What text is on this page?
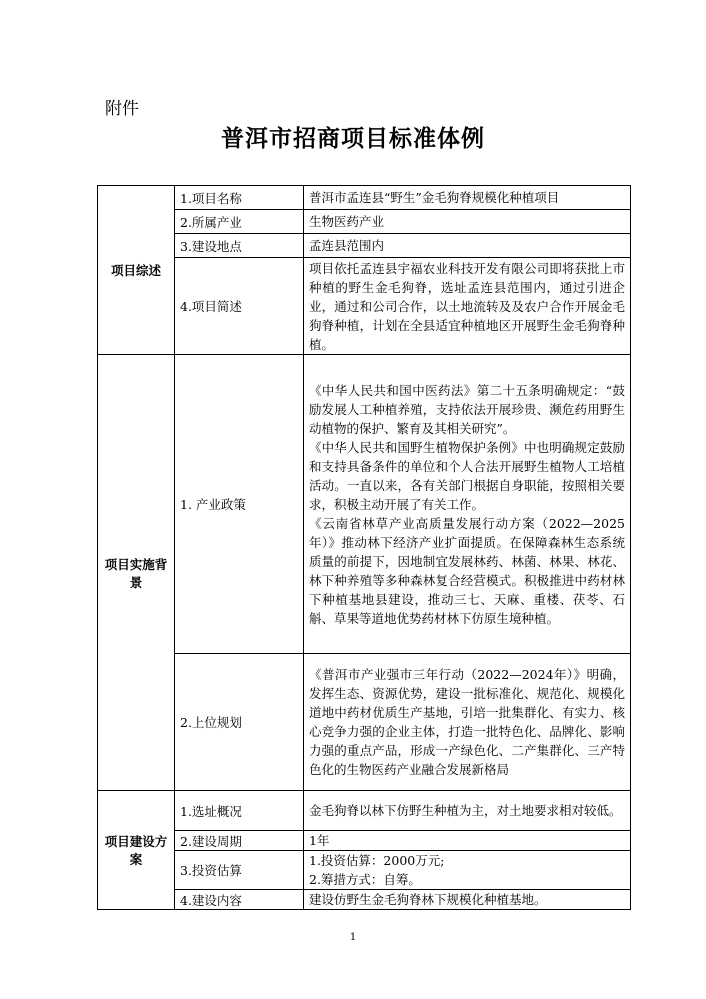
附件
普洱市招商项目标准体例
项目综述	1.项目名称	普洱市孟连县“野生”金毛狗脊规模化种植项目
	2.所属产业	生物医药产业
	3.建设地点	孟连县范围内
	4.项目简述	项目依托孟连县宇福农业科技开发有限公司即将获批上市种植的野生金毛狗脊，选址孟连县范围内，通过引进企业，通过和公司合作，以土地流转及及农户合作开展金毛狗脊种植，计划在全县适宜种植地区开展野生金毛狗脊种植。
项目实施背景	1. 产业政策	《中华人民共和国中医药法》第二十五条明确规定：“鼓励发展人工种植养殖，支持依法开展珍贵、濒危药用野生动植物的保护、繁育及其相关研究”。

《中华人民共和国野生植物保护条例》中也明确规定鼓励和支持具备条件的单位和个人合法开展野生植物人工培植活动。一直以来，各有关部门根据自身职能，按照相关要求，积极主动开展了有关工作。

《云南省林草产业高质量发展行动方案（2022—2025年）》推动林下经济产业扩面提质。在保障森林生态系统质量的前提下，因地制宜发展林药、林菌、林果、林花、林下种养殖等多种森林复合经营模式。积极推进中药材林下种植基地县建设，推动三七、天麻、重楼、茯苓、石斛、草果等道地优势药材林下仿原生境种植。

	2.上位规划	《普洱市产业强市三年行动（2022—2024年）》明确，发挥生态、资源优势，建设一批标准化、规范化、规模化道地中药材优质生产基地，引培一批集群化、有实力、核心竞争力强的企业主体，打造一批特色化、品牌化、影响力强的重点产品，形成一产绿色化、二产集群化、三产特色化的生物医药产业融合发展新格局

项目建设方案	1.选址概况	金毛狗脊以林下仿野生种植为主，对土地要求相对较低。
	2.建设周期	1年
	3.投资估算	1.投资估算：2000万元;

2.筹措方式：自筹。

	4.建设内容	建设仿野生金毛狗脊林下规模化种植基地。
1
